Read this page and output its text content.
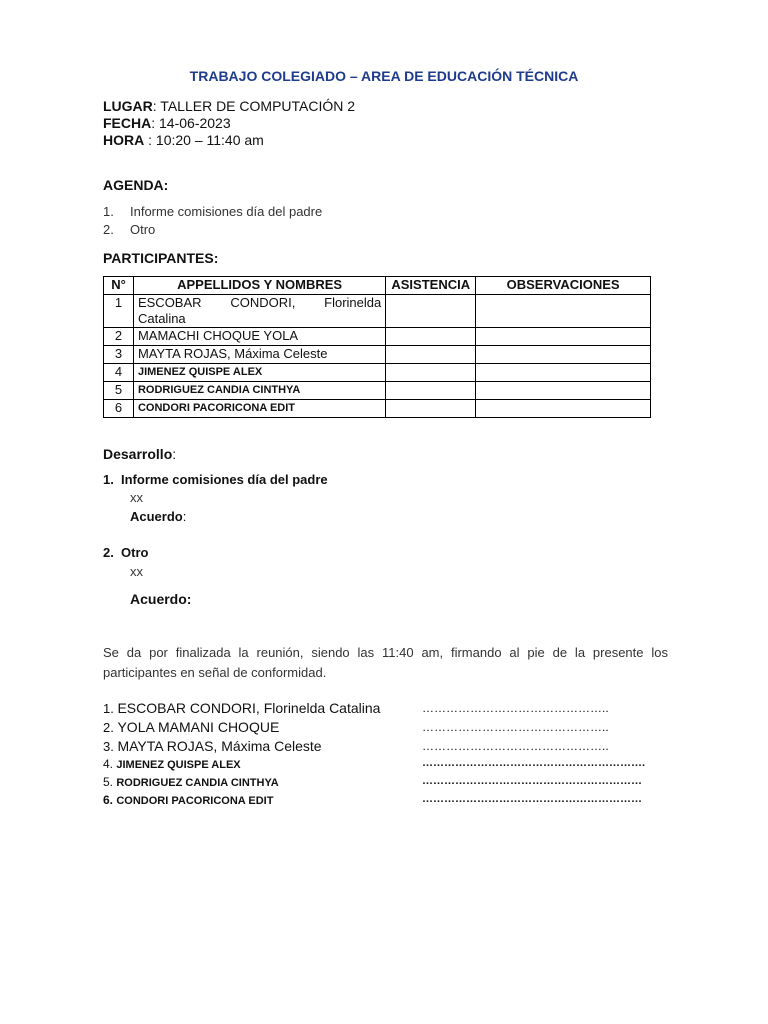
TRABAJO COLEGIADO – AREA DE EDUCACIÓN TÉCNICA
LUGAR: TALLER DE COMPUTACIÓN 2
FECHA: 14-06-2023
HORA : 10:20 – 11:40 am
AGENDA:
1. Informe comisiones día del padre
2. Otro
PARTICIPANTES:
N°	APPELLIDOS Y NOMBRES	ASISTENCIA	OBSERVACIONES
1	ESCOBAR CONDORI, Florinelda Catalina		
2	MAMACHI CHOQUE YOLA		
3	MAYTA ROJAS, Máxima Celeste		
4	JIMENEZ QUISPE ALEX		
5	RODRIGUEZ CANDIA CINTHYA		
6	CONDORI PACORICONA EDIT		
Desarrollo:
1. Informe comisiones día del padre
xx
Acuerdo:
2. Otro
xx
Acuerdo:
Se da por finalizada la reunión, siendo las 11:40 am, firmando al pie de la presente los participantes en señal de conformidad.
1. ESCOBAR CONDORI, Florinelda Catalina	………………………………………..
2. YOLA MAMANI CHOQUE	………………………………………..
3. MAYTA ROJAS, Máxima Celeste	………………………………………..
4. JIMENEZ QUISPE ALEX	…………………………………………………….
5. RODRIGUEZ CANDIA CINTHYA	……………………………………………………
6. CONDORI PACORICONA EDIT	……………………………………………………
